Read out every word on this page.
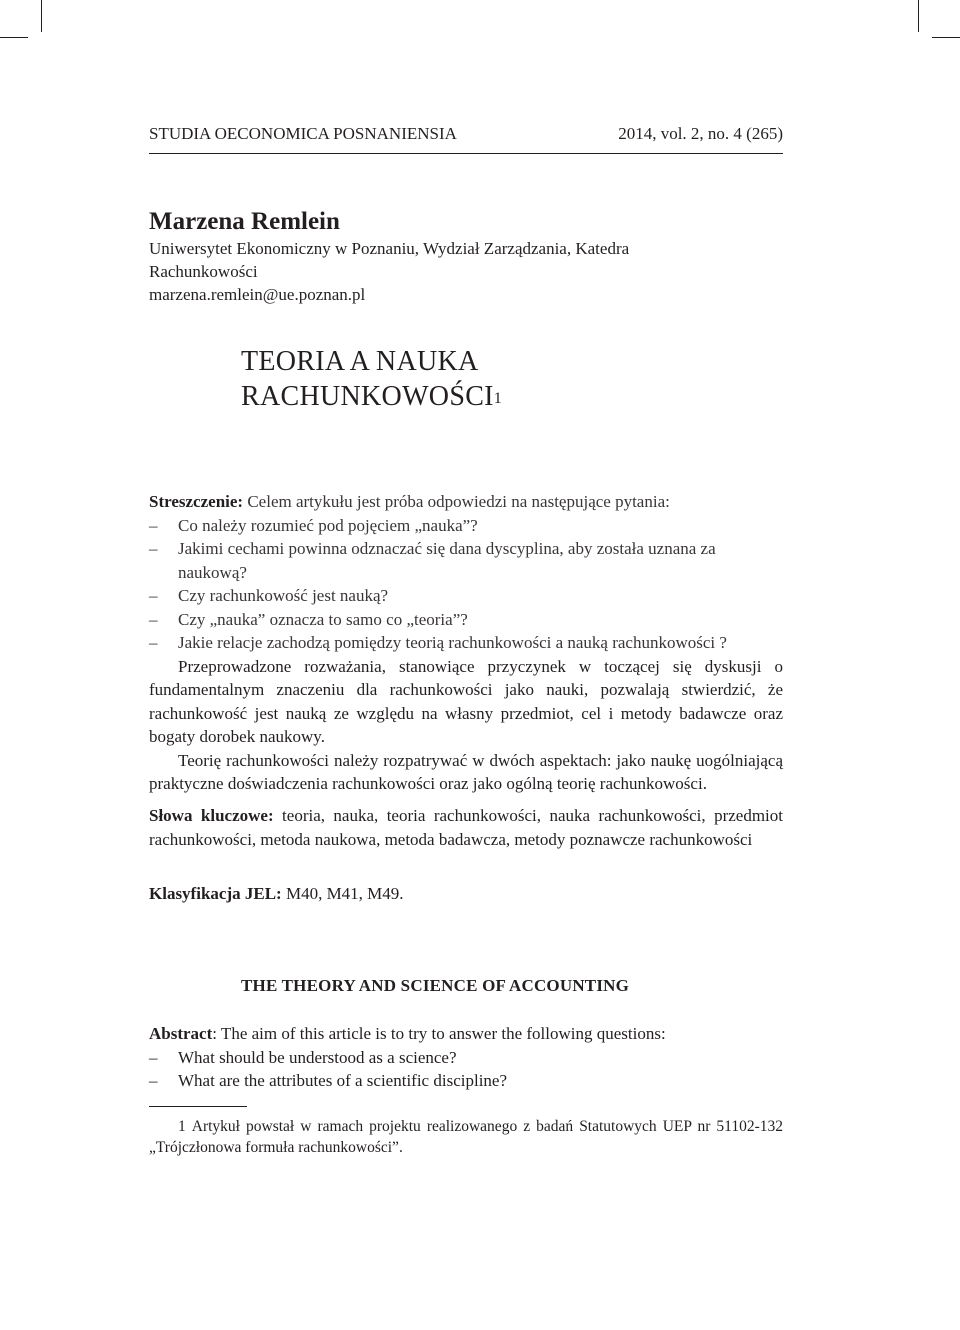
STUDIA OECONOMICA POSNANIENSIA	2014, vol. 2, no. 4 (265)
Marzena Remlein
Uniwersytet Ekonomiczny w Poznaniu, Wydział Zarządzania, Katedra
Rachunkowości
marzena.remlein@ue.poznan.pl
TEORIA A NAUKA
RACHUNKOWOŚCI$^1$
Streszczenie: Celem artykułu jest próba odpowiedzi na następujące pytania:
– Co należy rozumieć pod pojęciem „nauka”?
– Jakimi cechami powinna odznaczać się dana dyscyplina, aby została uznana za naukową?
– Czy rachunkowość jest nauką?
– Czy „nauka” oznacza to samo co „teoria”?
– Jakie relacje zachodzą pomiędzy teorią rachunkowości a nauką rachunkowości ?

Przeprowadzone rozważania, stanowiące przyczynek w toczącej się dyskusji o fundamentalnym znaczeniu dla rachunkowości jako nauki, pozwalają stwierdzić, że rachunkowość jest nauką ze względu na własny przedmiot, cel i metody badawcze oraz bogaty dorobek naukowy.

Teorię rachunkowości należy rozpatrywać w dwóch aspektach: jako naukę uogólniającą praktyczne doświadczenia rachunkowości oraz jako ogólną teorię rachunkowości.

Słowa kluczowe: teoria, nauka, teoria rachunkowości, nauka rachunkowości, przedmiot rachunkowości, metoda naukowa, metoda badawcza, metody poznawcze rachunkowości
Klasyfikacja JEL: M40, M41, M49.
THE THEORY AND SCIENCE OF ACCOUNTING
Abstract: The aim of this article is to try to answer the following questions:
– What should be understood as a science?
– What are the attributes of a scientific discipline?
1 Artykuł powstał w ramach projektu realizowanego z badań Statutowych UEP nr 51102-132 „Trójczłonowa formuła rachunkowości”.
